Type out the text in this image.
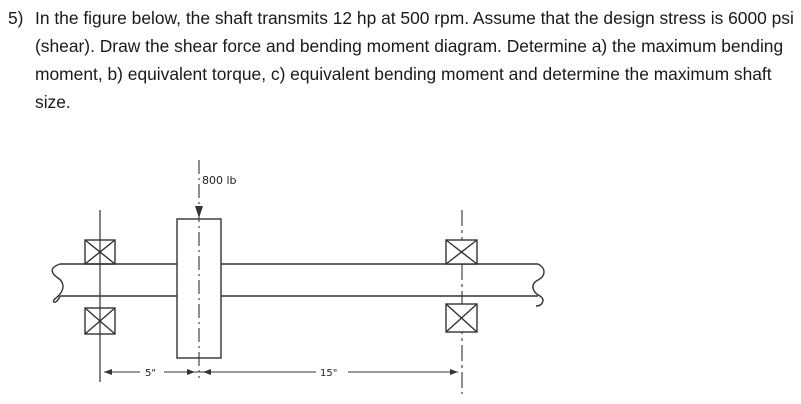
5) In the figure below, the shaft transmits 12 hp at 500 rpm. Assume that the design stress is 6000 psi (shear). Draw the shear force and bending moment diagram. Determine a) the maximum bending moment, b) equivalent torque, c) equivalent bending moment and determine the maximum shaft size.
800 lb
5"	15"
